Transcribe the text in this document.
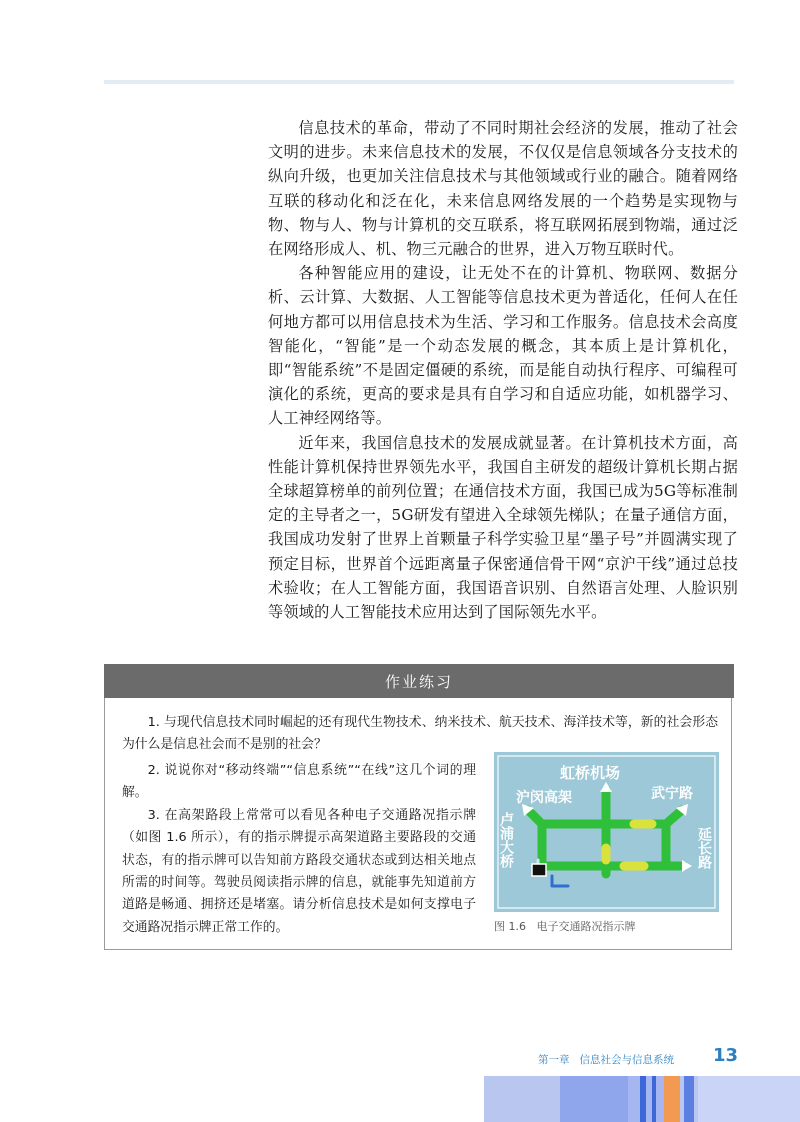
信息技术的革命，带动了不同时期社会经济的发展，推动了社会文明的进步。未来信息技术的发展，不仅仅是信息领域各分支技术的纵向升级，也更加关注信息技术与其他领域或行业的融合。随着网络互联的移动化和泛在化，未来信息网络发展的一个趋势是实现物与物、物与人、物与计算机的交互联系，将互联网拓展到物端，通过泛在网络形成人、机、物三元融合的世界，进入万物互联时代。

各种智能应用的建设，让无处不在的计算机、物联网、数据分析、云计算、大数据、人工智能等信息技术更为普适化，任何人在任何地方都可以用信息技术为生活、学习和工作服务。信息技术会高度智能化，“智能”是一个动态发展的概念，其本质上是计算机化，即“智能系统”不是固定僵硬的系统，而是能自动执行程序、可编程可演化的系统，更高的要求是具有自学习和自适应功能，如机器学习、人工神经网络等。

近年来，我国信息技术的发展成就显著。在计算机技术方面，高性能计算机保持世界领先水平，我国自主研发的超级计算机长期占据全球超算榜单的前列位置；在通信技术方面，我国已成为5G等标准制定的主导者之一，5G研发有望进入全球领先梯队；在量子通信方面，我国成功发射了世界上首颗量子科学实验卫星“墨子号”并圆满实现了预定目标，世界首个远距离量子保密通信骨干网“京沪干线”通过总技术验收；在人工智能方面，我国语音识别、自然语言处理、人脸识别等领域的人工智能技术应用达到了国际领先水平。

作业练习

1. 与现代信息技术同时崛起的还有现代生物技术、纳米技术、航天技术、海洋技术等，新的社会形态为什么是信息社会而不是别的社会？

2. 说说你对“移动终端”“信息系统”“在线”这几个词的理解。

3. 在高架路段上常常可以看见各种电子交通路况指示牌（如图 1.6 所示），有的指示牌提示高架道路主要路段的交通状态，有的指示牌可以告知前方路段交通状态或到达相关地点所需的时间等。驾驶员阅读指示牌的信息，就能事先知道前方道路是畅通、拥挤还是堵塞。请分析信息技术是如何支撑电子交通路况指示牌正常工作的。

虹桥机场
沪闵高架	武宁路
卢浦大桥	延长路
图 1.6   电子交通路况指示牌
第一章   信息社会与信息系统 13
